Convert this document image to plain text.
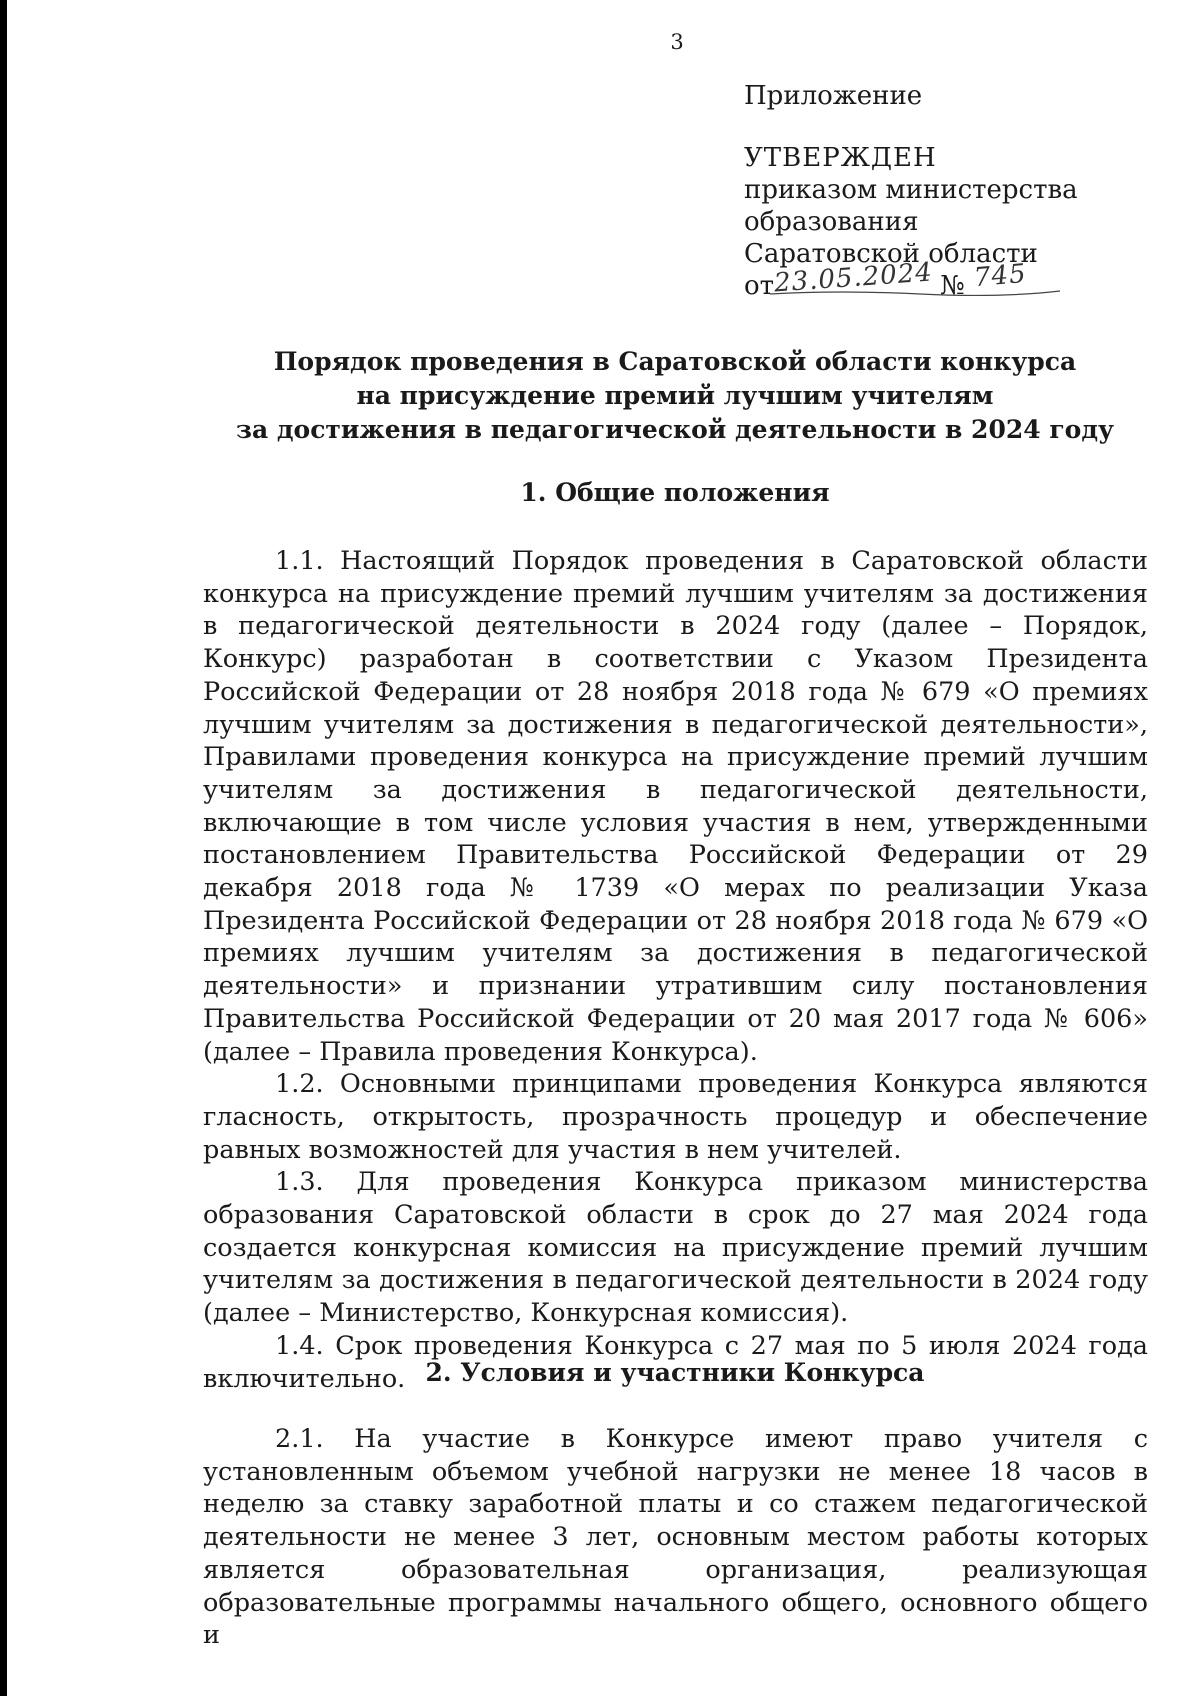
3
Приложение
УТВЕРЖДЕН
приказом министерства
образования
Саратовской области
от 23.05.2024 № 745
Порядок проведения в Саратовской области конкурса
на присуждение премий лучшим учителям
за достижения в педагогической деятельности в 2024 году
1. Общие положения

1.1. Настоящий Порядок проведения в Саратовской области конкурса на присуждение премий лучшим учителям за достижения в педагогической деятельности в 2024 году (далее – Порядок, Конкурс) разработан в соответствии с Указом Президента Российской Федерации от 28 ноября 2018 года № 679 «О премиях лучшим учителям за достижения в педагогической деятельности», Правилами проведения конкурса на присуждение премий лучшим учителям за достижения в педагогической деятельности, включающие в том числе условия участия в нем, утвержденными постановлением Правительства Российской Федерации от 29 декабря 2018 года № 1739 «О мерах по реализации Указа Президента Российской Федерации от 28 ноября 2018 года № 679 «О премиях лучшим учителям за достижения в педагогической деятельности» и признании утратившим силу постановления Правительства Российской Федерации от 20 мая 2017 года № 606» (далее – Правила проведения Конкурса).

1.2. Основными принципами проведения Конкурса являются гласность, открытость, прозрачность процедур и обеспечение равных возможностей для участия в нем учителей.

1.3. Для проведения Конкурса приказом министерства образования Саратовской области в срок до 27 мая 2024 года создается конкурсная комиссия на присуждение премий лучшим учителям за достижения в педагогической деятельности в 2024 году (далее – Министерство, Конкурсная комиссия).

1.4. Срок проведения Конкурса с 27 мая по 5 июля 2024 года включительно. 2. Условия и участники Конкурса

2.1. На участие в Конкурсе имеют право учителя с установленным объемом учебной нагрузки не менее 18 часов в неделю за ставку заработной платы и со стажем педагогической деятельности не менее 3 лет, основным местом работы которых является образовательная организация, реализующая образовательные программы начального общего, основного общего и
